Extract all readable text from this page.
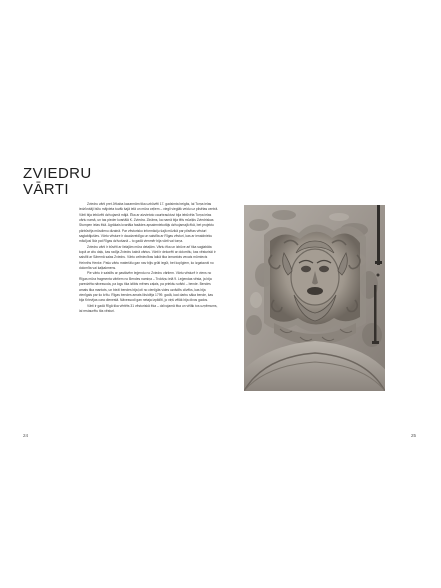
ZVIEDRU
VĀRTI

Zviedru vārti pret Jēkaba kazarmām tika uzbūvēti 17. gadsimta beigās, lai Torņa ielas iedzīvotāji būtu mājvieta tuvāk šajā ielā un mūra ceļiem – viegli vieglāk veidu uz pilsētas centrā. Vārti bija iebūvēti dzīvojamā mājā. Ēka ar aizvietoto caurbrauktuvi bija iebūvēta Torņa ielas vārtu namā, un tas pieder kvartālā K. Zviedra. Zināms, ka namā bija tēls mūziķis Zviedriskas Stumpen ielas ēkā. Agrākais kvartāla fasādes apsaimniekotājs dzīvojamajā ēkā, bet projektu pārbūvēja mūsdienu dizainā. Par vēsturisko informāciju šajā mūzikā par pilsētas vēsturi saglabājušies. Vārtu vēsture ir daudzveidīga un saistīta ar Rīgas vēsturi, kas ar ienaidnieku mācījusi līdz pat Rīgas dzīvošanā – to gadā vienmēr bija vārti vai torņa.

Zviedru vārti ir būvēti ar lielajām mūra detaļām. Vārtu ēka un izbūve arī tika saglabāta kopā ar citu daļu, kas radīja Zviedru kalnā vārtus. Vārti ir dekorēti ar dolomītu, kas vēsturiski ir saistīti ar Sāremā salas Zviedru. Vārtu celtniecības laikā tika izmantots vecais mūrniecis Heinrihs Henke. Pašu vārtu materiālu gan nav bijis grūti iegūt, bet kopīgiem, ko izgatavoti no dolomīta vai kaļķakmens.

Pie vārtu ir saistīts ar pastāvēm leģendu no Zviedru vārtiem. Vārtu vēsturē ir viens no Rīgas mūra fragmenta vārtiem no Bendes namiņa – Trokšņu ielā 9. Leģendas vēsta, ja bija paredzēta nāvessoda, pa logu tika izlikts mēnes zaļais, pa priekšu svārki – bende. Bendes amats tika mantots, un bieži bendes bija ļoti no cienīgās vides uzrādīts cilvēks, kas bija vienīgais par šo krītu. Rīgas bendes amats likvidēja 1799. gadā, kad darbu sāka bende, kas bija Krievijas cara dienestā. Nāvessodi gan netaja izpildīti, jo viņš vēlāk bija divos gados.

Vārti ir gadā Rīgā tika vērtēts 31 vēsturiskā ēka – dzīvojamā ēka un vēlāk tos uzņēmums, lai restaurētu tās vēsturi.

24	25
